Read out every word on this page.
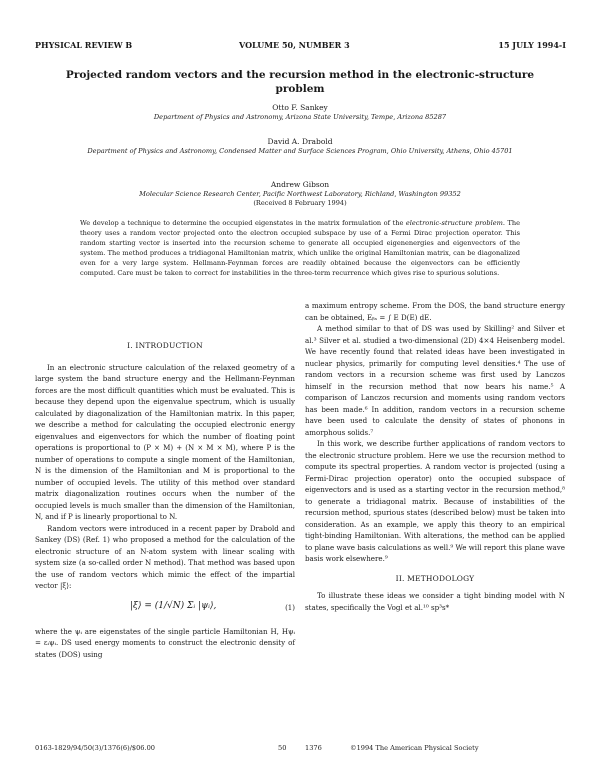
PHYSICAL REVIEW B	VOLUME 50, NUMBER 3	15 JULY 1994-I
Projected random vectors and the recursion method in the electronic-structure problem
Otto F. Sankey
Department of Physics and Astronomy, Arizona State University, Tempe, Arizona 85287
David A. Drabold
Department of Physics and Astronomy, Condensed Matter and Surface Sciences Program, Ohio University, Athens, Ohio 45701
Andrew Gibson
Molecular Science Research Center, Pacific Northwest Laboratory, Richland, Washington 99352
(Received 8 February 1994)
We develop a technique to determine the occupied eigenstates in the matrix formulation of the electronic-structure problem. The theory uses a random vector projected onto the electron occupied subspace by use of a Fermi Dirac projection operator. This random starting vector is inserted into the recursion scheme to generate all occupied eigenenergies and eigenvectors of the system. The method produces a tridiagonal Hamiltonian matrix, which unlike the original Hamiltonian matrix, can be diagonalized even for a very large system. Hellmann-Feynman forces are readily obtained because the eigenvectors can be efficiently computed. Care must be taken to correct for instabilities in the three-term recurrence which gives rise to spurious solutions.
I. INTRODUCTION

In an electronic structure calculation of the relaxed geometry of a large system the band structure energy and the Hellmann-Feynman forces are the most difficult quantities which must be evaluated. This is because they depend upon the eigenvalue spectrum, which is usually calculated by diagonalization of the Hamiltonian matrix. In this paper, we describe a method for calculating the occupied electronic energy eigenvalues and eigenvectors for which the number of floating point operations is proportional to (P × M) + (N × M × M), where P is the number of operations to compute a single moment of the Hamiltonian, N is the dimension of the Hamiltonian and M is proportional to the number of occupied levels. The utility of this method over standard matrix diagonalization routines occurs when the number of the occupied levels is much smaller than the dimension of the Hamiltonian, N, and if P is linearly proportional to N.

Random vectors were introduced in a recent paper by Drabold and Sankey (DS) (Ref. 1) who proposed a method for the calculation of the electronic structure of an N-atom system with linear scaling with system size (a so-called order N method). That method was based upon the use of random vectors which mimic the effect of the impartial vector |ξ⟩:

|ξ⟩ = (1/√N) Σᵢ |ψᵢ⟩,	(1)

where the ψᵢ are eigenstates of the single particle Hamiltonian H, Hψᵢ = εᵢψᵢ. DS used energy moments to construct the electronic density of states (DOS) using

a maximum entropy scheme. From the DOS, the band structure energy can be obtained, Eᵦₛ = ∫ E D(E) dE.

A method similar to that of DS was used by Skilling² and Silver et al.³ Silver et al. studied a two-dimensional (2D) 4×4 Heisenberg model. We have recently found that related ideas have been investigated in nuclear physics, primarily for computing level densities.⁴ The use of random vectors in a recursion scheme was first used by Lanczos himself in the recursion method that now bears his name.⁵ A comparison of Lanczos recursion and moments using random vectors has been made.⁶ In addition, random vectors in a recursion scheme have been used to calculate the density of states of phonons in amorphous solids.⁷

In this work, we describe further applications of random vectors to the electronic structure problem. Here we use the recursion method to compute its spectral properties. A random vector is projected (using a Fermi-Dirac projection operator) onto the occupied subspace of eigenvectors and is used as a starting vector in the recursion method,⁸ to generate a tridiagonal matrix. Because of instabilities of the recursion method, spurious states (described below) must be taken into consideration. As an example, we apply this theory to an empirical tight-binding Hamiltonian. With alterations, the method can be applied to plane wave basis calculations as well.⁹ We will report this plane wave basis work elsewhere.⁹

II. METHODOLOGY

To illustrate these ideas we consider a tight binding model with N states, specifically the Vogl et al.¹⁰ sp³s*

0163-1829/94/50(3)/1376(6)/$06.00	50	1376	©1994 The American Physical Society
